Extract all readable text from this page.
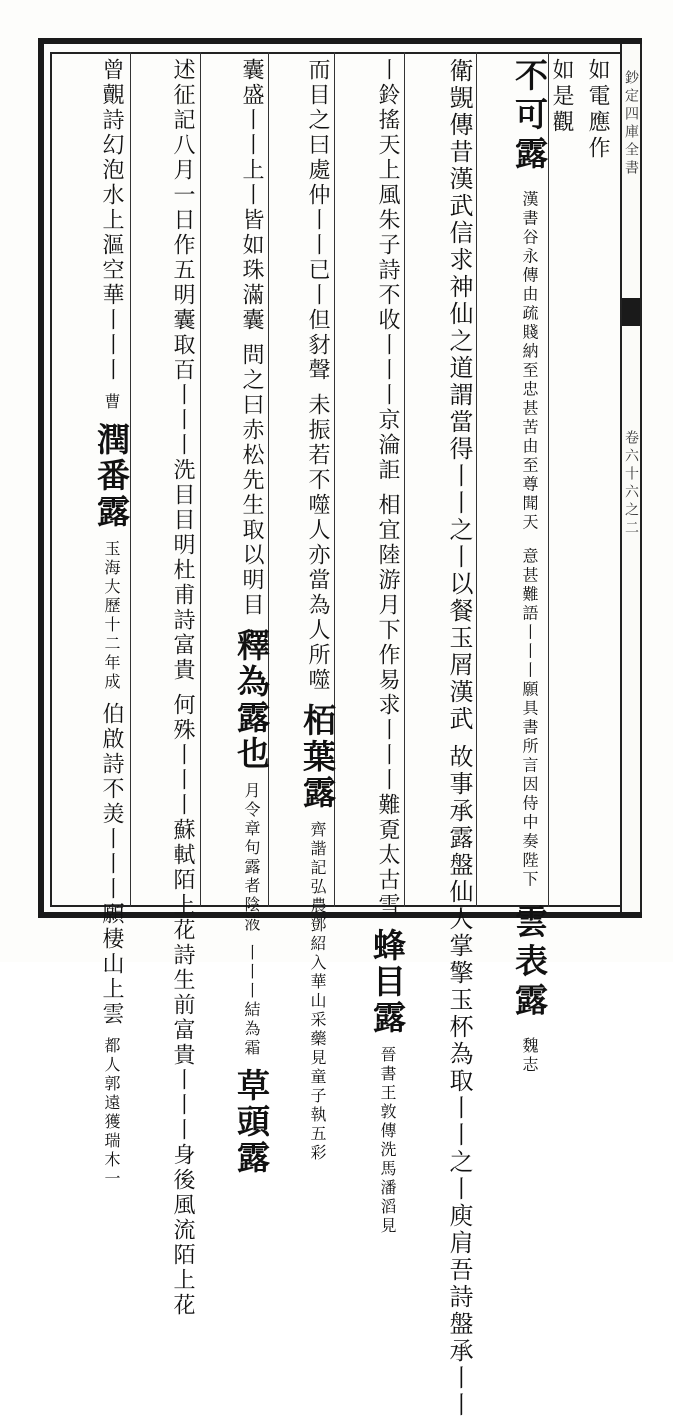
鈔定四庫全書
卷六十六之二
如電應作
如是觀
不可露 漢書谷永傳由疏賤納至忠甚苦由至尊聞天 意甚難語丨丨丨願具書所言因侍中奏陛下 雲表露 魏志
衛覬傳昔漢武信求神仙之道謂當得丨丨之丨以餐玉屑漢武 故事承露盤仙人掌擎玉杯為取丨丨之丨庾肩吾詩盤承丨丨
丨鈴搖天上風朱子詩不收丨丨丨京淪詎 相宜陸游月下作易求丨丨丨難覔太古雪 蜂目露 晉書王敦傳洗馬潘滔見
而目之曰處仲丨丨已丨但豺聲 未振若不噬人亦當為人所噬 栢葉露 齊諧記弘農鄧紹入華山采藥見童子執五彩
囊盛丨丨上丨皆如珠滿囊 問之曰赤松先生取以明目 釋為露也 月令章句露者陰液 丨丨丨結為霜 草頭露
述征記八月一日作五明囊取百丨丨丨洗目目明杜甫詩富貴 何殊丨丨丨蘇軾陌上花詩生前富貴丨丨丨身後風流陌上花
曾覿詩幻泡水上漚空華丨丨丨 曹 潤番露 玉海大歷十二年成 伯啟詩不羙丨丨丨願棲山上雲 都人郭遠獲瑞木一
